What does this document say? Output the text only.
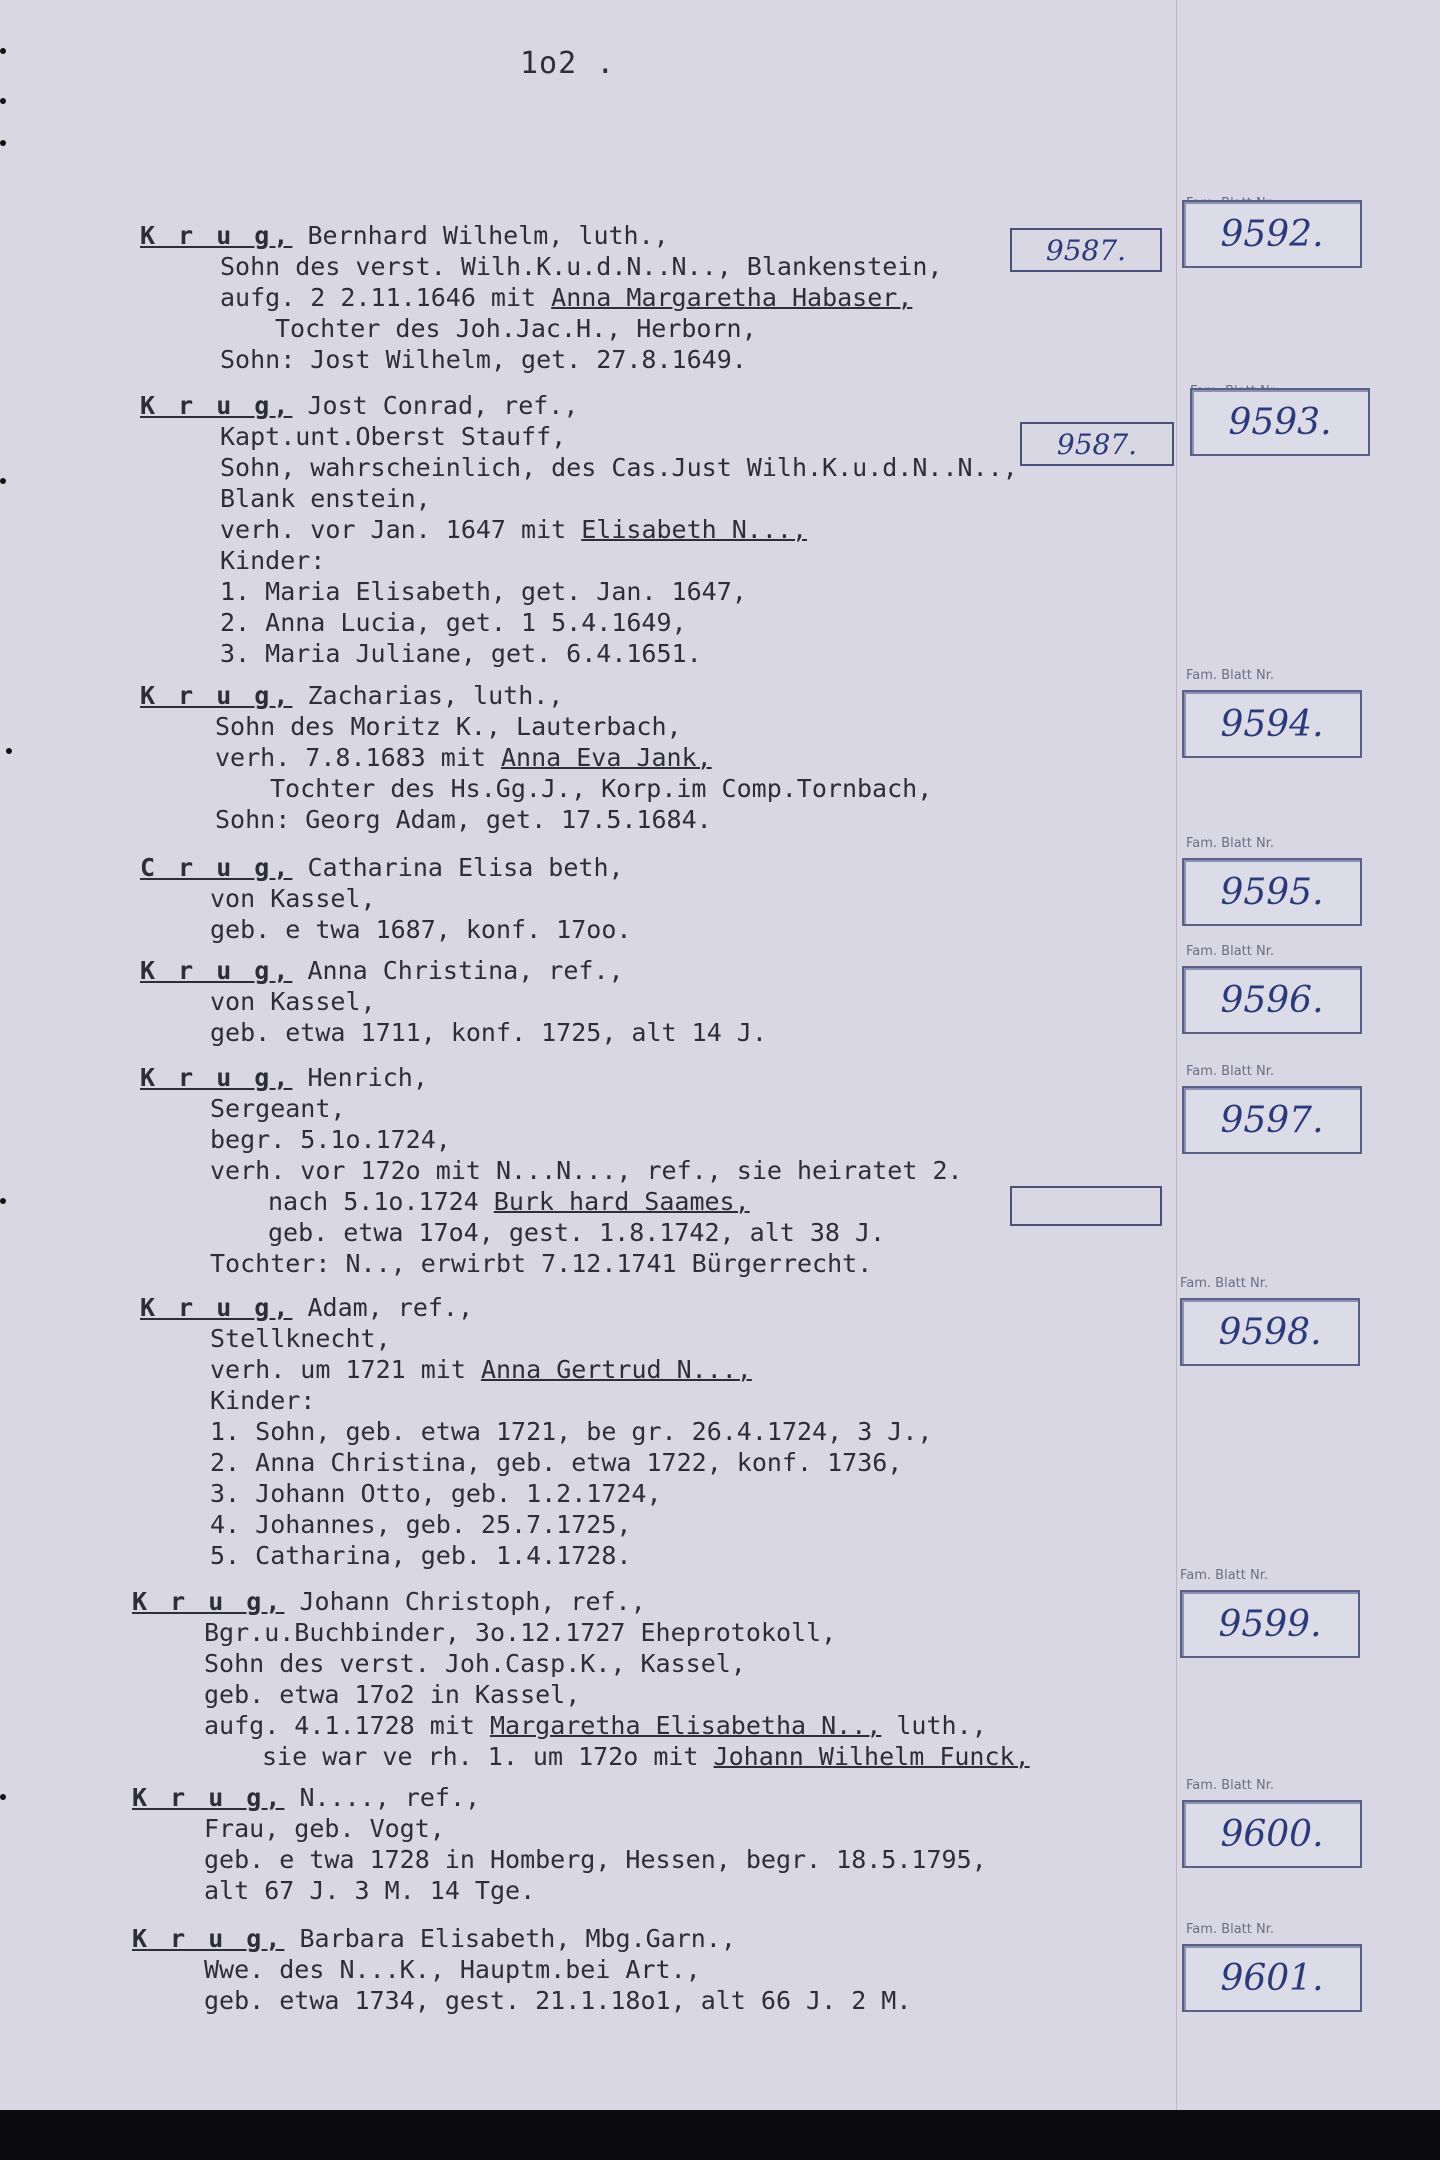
1o2 .
K r u g, Bernhard Wilhelm, luth.,
Sohn des verst. Wilh.K.u.d.N..N.., Blankenstein,
aufg. 2 2.11.1646 mit Anna Margaretha Habaser,
Tochter des Joh.Jac.H., Herborn,
Sohn: Jost Wilhelm, get. 27.8.1649.
9587.	9592.
K r u g, Jost Conrad, ref.,
Kapt.unt.Oberst Stauff,
Sohn, wahrscheinlich, des Cas.Just Wilh.K.u.d.N..N..,
Blank enstein,
verh. vor Jan. 1647 mit Elisabeth N...,
Kinder:
1. Maria Elisabeth, get. Jan. 1647,
2. Anna Lucia, get. 1 5.4.1649,
3. Maria Juliane, get. 6.4.1651.
9587.
9593.
K r u g, Zacharias, luth.,
Sohn des Moritz K., Lauterbach,
verh. 7.8.1683 mit Anna Eva Jank,
Tochter des Hs.Gg.J., Korp.im Comp.Tornbach,
Sohn: Georg Adam, get. 17.5.1684.
Fam. Blatt Nr.
9594.
C r u g, Catharina Elisa beth,
von Kassel,
geb. e twa 1687, konf. 17oo.
Fam. Blatt Nr.
9595.
K r u g, Anna Christina, ref.,
von Kassel,
geb. etwa 1711, konf. 1725, alt 14 J.
Fam. Blatt Nr.
9596.
K r u g, Henrich,
Sergeant,
begr. 5.1o.1724,
verh. vor 172o mit N...N..., ref., sie heiratet 2.
nach 5.1o.1724 Burk hard Saames,
geb. etwa 17o4, gest. 1.8.1742, alt 38 J.
Tochter: N.., erwirbt 7.12.1741 Bürgerrecht.
Fam. Blatt Nr.
9597.
K r u g, Adam, ref.,
Stellknecht,
verh. um 1721 mit Anna Gertrud N...,
Kinder:
1. Sohn, geb. etwa 1721, be gr. 26.4.1724, 3 J.,
2. Anna Christina, geb. etwa 1722, konf. 1736,
3. Johann Otto, geb. 1.2.1724,
4. Johannes, geb. 25.7.1725,
5. Catharina, geb. 1.4.1728.
Fam. Blatt Nr.
9598.
K r u g, Johann Christoph, ref.,
Bgr.u.Buchbinder, 3o.12.1727 Eheprotokoll,
Sohn des verst. Joh.Casp.K., Kassel,
geb. etwa 17o2 in Kassel,
aufg. 4.1.1728 mit Margaretha Elisabetha N.., luth.,
sie war ve rh. 1. um 172o mit Johann Wilhelm Funck,
Fam. Blatt Nr.
9599.
K r u g, N...., ref.,
Frau, geb. Vogt,
geb. e twa 1728 in Homberg, Hessen, begr. 18.5.1795,
alt 67 J. 3 M. 14 Tge.
Fam. Blatt Nr.
9600.
K r u g, Barbara Elisabeth, Mbg.Garn.,
Wwe. des N...K., Hauptm.bei Art.,
geb. etwa 1734, gest. 21.1.18o1, alt 66 J. 2 M.
Fam. Blatt Nr.
9601.
